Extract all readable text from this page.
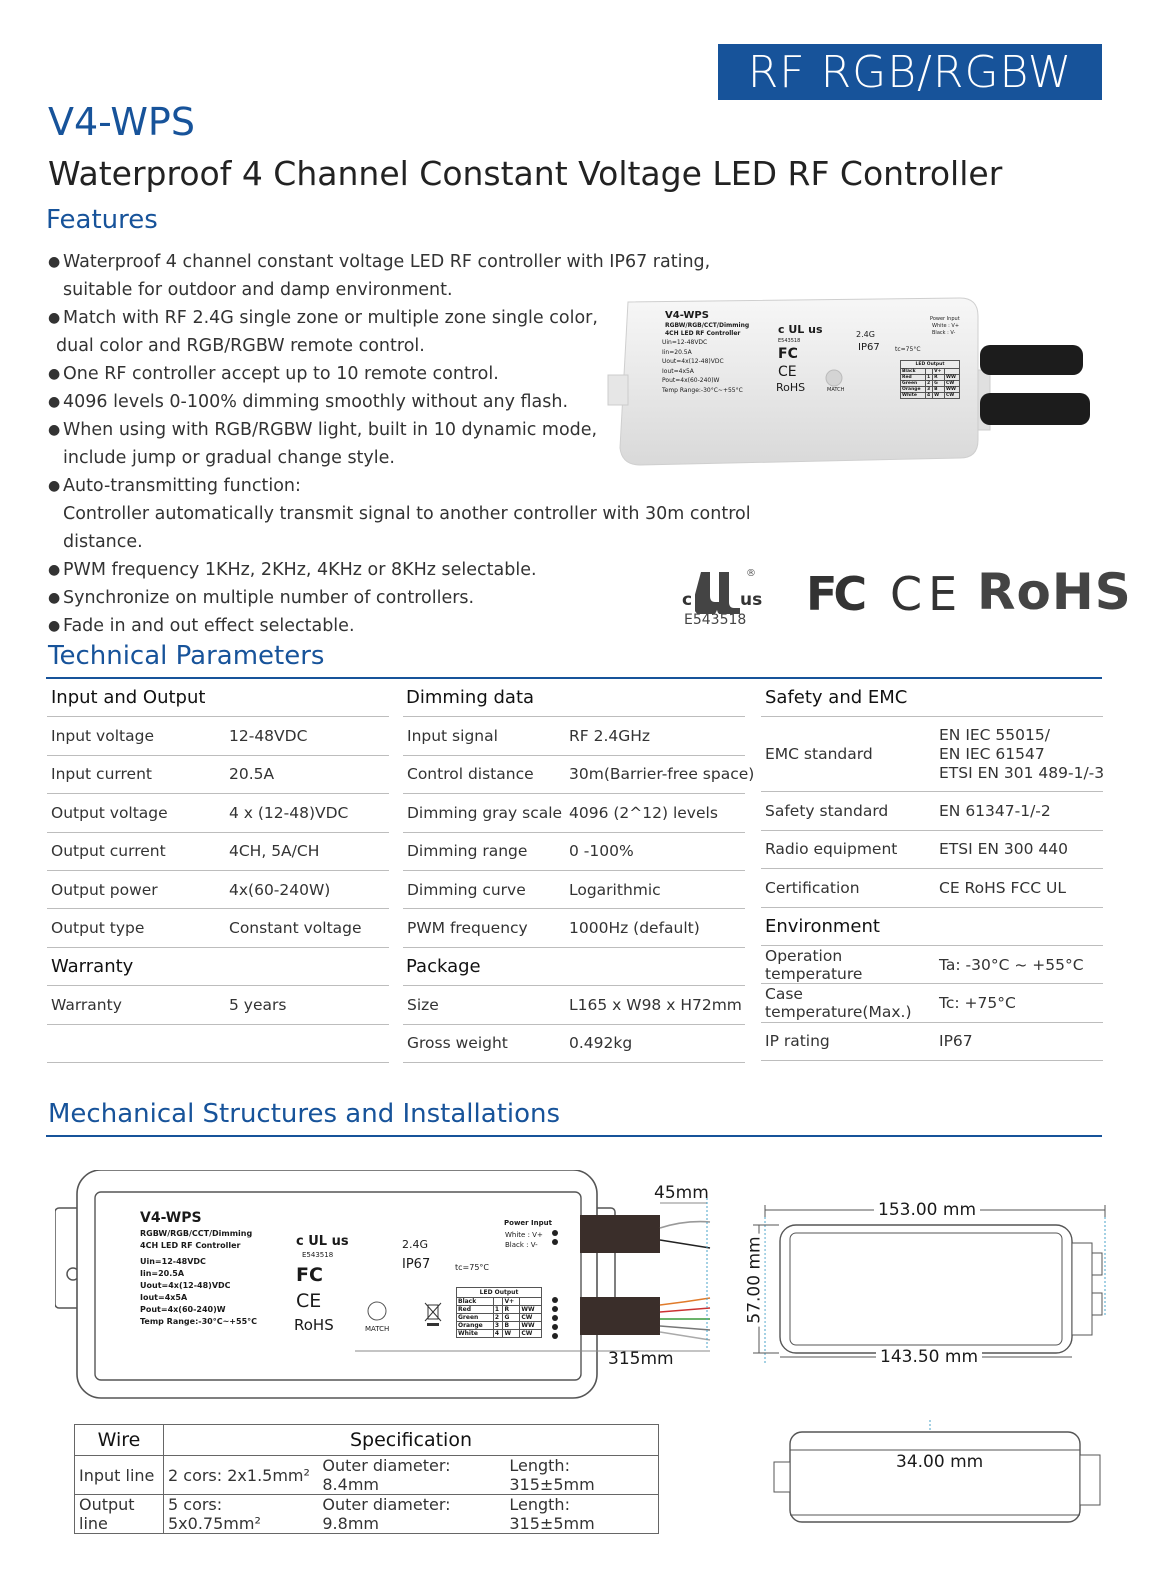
RF RGB/RGBW
V4-WPS
Waterproof 4 Channel Constant Voltage LED RF Controller
Features
● Waterproof 4 channel constant voltage LED RF controller with IP67 rating,
suitable for outdoor and damp environment.
● Match with RF 2.4G single zone or multiple zone single color,
dual color and RGB/RGBW remote control.
● One RF controller accept up to 10 remote control.
● 4096 levels 0-100% dimming smoothly without any flash.
● When using with RGB/RGBW light, built in 10 dynamic mode,
include jump or gradual change style.
● Auto-transmitting function:
Controller automatically transmit signal to another controller with 30m control distance.
● PWM frequency 1KHz, 2KHz, 4KHz or 8KHz selectable.
● Synchronize on multiple number of controllers.
● Fade in and out effect selectable.
V4-WPS
RGBW/RGB/CCT/Dimming
4CH LED RF Controller
Uin=12-48VDC
Iin=20.5A
Uout=4x(12-48)VDC
Iout=4x5A
Pout=4x(60-240)W
Temp Range:-30°C~+55°C
c UL us
E543518
FC
CE
RoHS
2.4G
IP67
MATCH
tc=75°C
Power Input
White : V+
Black : V-
LED Output			
Black		V+	
Red	1	R	WW
Green	2	G	CW
Orange	3	B	WW
White	4	W	CW
c	us
®
E543518 FC CE RoHS
Technical Parameters
Input and Output
Input voltage	12-48VDC
Input current	20.5A
Output voltage	4 x (12-48)VDC
Output current	4CH, 5A/CH
Output power	4x(60-240W)
Output type	Constant voltage
Warranty
Warranty	5 years
Dimming data
Input signal	RF 2.4GHz
Control distance	30m(Barrier-free space)
Dimming gray scale 4096 (2^12) levels
Dimming range	0 -100%
Dimming curve	Logarithmic
PWM frequency	1000Hz (default)
Package
Size	L165 x W98 x H72mm
Gross weight	0.492kg
Safety and EMC
EMC standard
EN IEC 55015/
EN IEC 61547
ETSI EN 301 489-1/-3
Safety standard	EN 61347-1/-2
Radio equipment	ETSI EN 300 440
Certification	CE RoHS FCC UL
Environment
Operation temperature	Ta: -30°C ~ +55°C
Case temperature(Max.)	Tc: +75°C
IP rating	IP67
Mechanical Structures and Installations
V4-WPS
RGBW/RGB/CCT/Dimming
4CH LED RF Controller
Uin=12-48VDC
Iin=20.5A
Uout=4x(12-48)VDC
Iout=4x5A
Pout=4x(60-240)W
Temp Range:-30°C~+55°C
c UL us
E543518
FC
CE
RoHS
2.4G
IP67	tc=75°C
MATCH
Power Input
White : V+
Black : V-
LED Output			
Black		V+	
Red	1	R	WW
Green	2	G	CW
Orange	3	B	WW
White	4	W	CW
45mm
315mm
153.00 mm
143.50 mm
57.00 mm
34.00 mm
Wire	Specification		
Input line	2 cors: 2x1.5mm²	Outer diameter: 8.4mm	Length: 315±5mm
Output line	5 cors: 5x0.75mm²	Outer diameter: 9.8mm	Length: 315±5mm
